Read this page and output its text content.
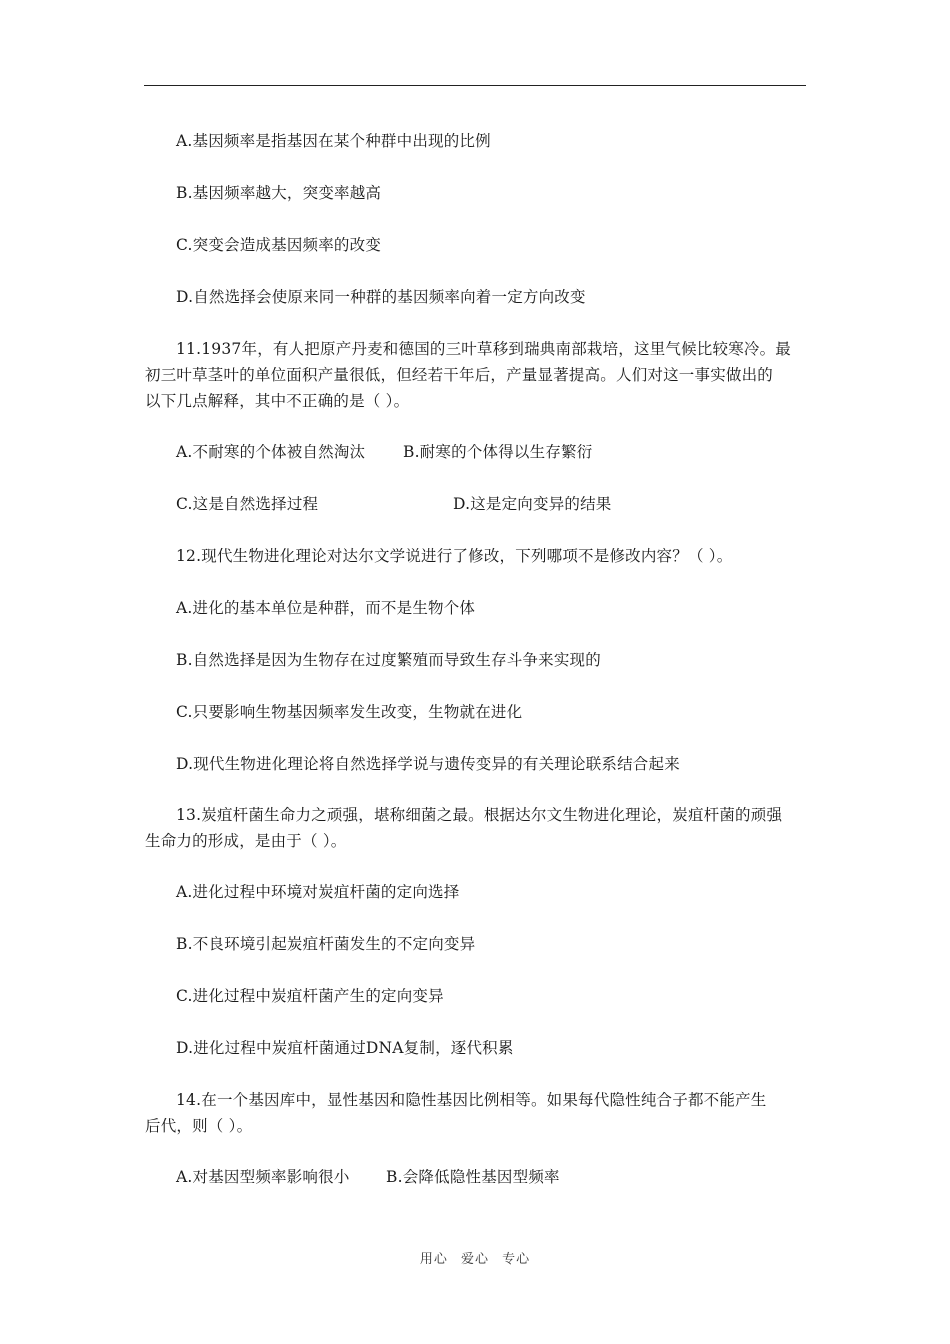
A.基因频率是指基因在某个种群中出现的比例
B.基因频率越大，突变率越高
C.突变会造成基因频率的改变
D.自然选择会使原来同一种群的基因频率向着一定方向改变
11.1937年，有人把原产丹麦和德国的三叶草移到瑞典南部栽培，这里气候比较寒冷。最
初三叶草茎叶的单位面积产量很低，但经若干年后，产量显著提高。人们对这一事实做出的
以下几点解释，其中不正确的是（ ）。
A.不耐寒的个体被自然淘汰 B.耐寒的个体得以生存繁衍
C.这是自然选择过程	D.这是定向变异的结果
12.现代生物进化理论对达尔文学说进行了修改，下列哪项不是修改内容？（ ）。
A.进化的基本单位是种群，而不是生物个体
B.自然选择是因为生物存在过度繁殖而导致生存斗争来实现的
C.只要影响生物基因频率发生改变，生物就在进化
D.现代生物进化理论将自然选择学说与遗传变异的有关理论联系结合起来
13.炭疽杆菌生命力之顽强，堪称细菌之最。根据达尔文生物进化理论，炭疽杆菌的顽强
生命力的形成，是由于（ ）。
A.进化过程中环境对炭疽杆菌的定向选择
B.不良环境引起炭疽杆菌发生的不定向变异
C.进化过程中炭疽杆菌产生的定向变异
D.进化过程中炭疽杆菌通过DNA复制，逐代积累
14.在一个基因库中，显性基因和隐性基因比例相等。如果每代隐性纯合子都不能产生
后代，则（ ）。
A.对基因型频率影响很小 B.会降低隐性基因型频率
用心 爱心 专心
